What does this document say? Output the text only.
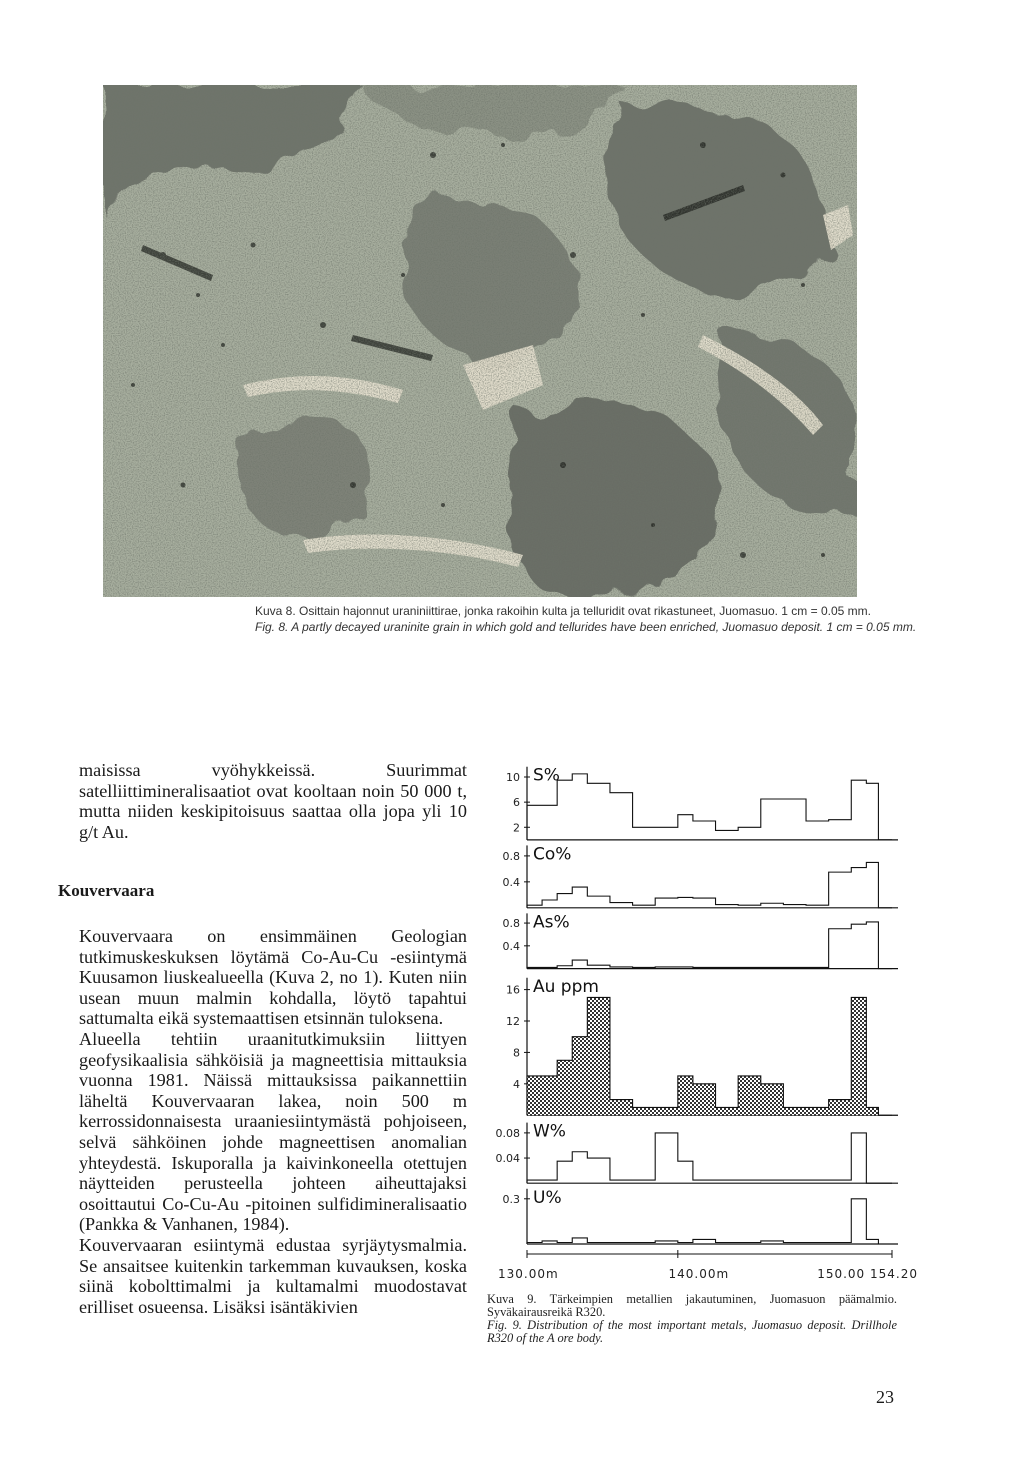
Kuva 8. Osittain hajonnut uraniniittirae, jonka rakoihin kulta ja telluridit ovat rikastuneet, Juomasuo. 1 cm = 0.05 mm.
Fig. 8. A partly decayed uraninite grain in which gold and tellurides have been enriched, Juomasuo deposit. 1 cm = 0.05 mm.
maisissa vyöhykkeissä. Suurimmat satelliittimineralisaatiot ovat kooltaan noin 50 000 t, mutta niiden keskipitoisuus saattaa olla jopa yli 10 g/t Au.
Kouvervaara

Kouvervaara on ensimmäinen Geologian tutkimuskeskuksen löytämä Co-Au-Cu -esiintymä Kuusamon liuskealueella (Kuva 2, no 1). Kuten niin usean muun malmin kohdalla, löytö tapahtui sattumalta eikä systemaattisen etsinnän tuloksena.

Alueella tehtiin uraanitutkimuksiin liittyen geofysikaalisia sähköisiä ja magneettisia mittauksia vuonna 1981. Näissä mittauksissa paikannettiin läheltä Kouvervaaran lakea, noin 500 m kerrossidonnaisesta uraaniesiintymästä pohjoiseen, selvä sähköinen johde magneettisen anomalian yhteydestä. Iskuporalla ja kaivinkoneella otettujen näytteiden perusteella johteen aiheuttajaksi osoittautui Co-Cu-Au -pitoinen sulfidimineralisaatio (Pankka & Vanhanen, 1984).

Kouvervaaran esiintymä edustaa syrjäytysmalmia. Se ansaitsee kuitenkin tarkemman kuvauksen, koska siinä kobolttimalmi ja kultamalmi muodostavat erilliset osueensa. Lisäksi isäntäkivien

10
6
2
S%
0.8
0.4
Co%
0.8
0.4
As%
16
12
8
4
Au ppm
0.08
0.04
W%
0.3 U%
130.00m	140.00m	150.00 154.20
Kuva 9. Tärkeimpien metallien jakautuminen, Juomasuon päämalmio. Syväkairausreikä R320.
Fig. 9. Distribution of the most important metals, Juomasuo deposit. Drillhole R320 of the A ore body.
23
